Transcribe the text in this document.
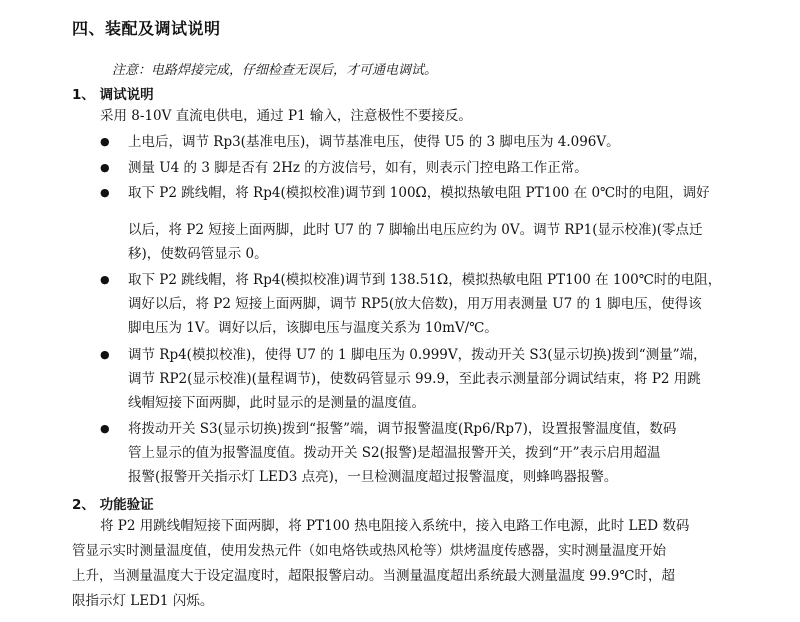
四、装配及调试说明
注意：电路焊接完成，仔细检查无误后，才可通电调试。
1、 调试说明
采用 8-10V 直流电供电，通过 P1 输入，注意极性不要接反。
● 上电后，调节 Rp3(基准电压)，调节基准电压，使得 U5 的 3 脚电压为 4.096V。
● 测量 U4 的 3 脚是否有 2Hz 的方波信号，如有，则表示门控电路工作正常。
● 取下 P2 跳线帽，将 Rp4(模拟校准)调节到 100Ω，模拟热敏电阻 PT100 在 0℃时的电阻，调好
以后，将 P2 短接上面两脚，此时 U7 的 7 脚输出电压应约为 0V。调节 RP1(显示校准)(零点迁
移)，使数码管显示 0。
● 取下 P2 跳线帽，将 Rp4(模拟校准)调节到 138.51Ω，模拟热敏电阻 PT100 在 100℃时的电阻，
调好以后，将 P2 短接上面两脚，调节 RP5(放大倍数)，用万用表测量 U7 的 1 脚电压，使得该
脚电压为 1V。调好以后，该脚电压与温度关系为 10mV/℃。
● 调节 Rp4(模拟校准)，使得 U7 的 1 脚电压为 0.999V，拨动开关 S3(显示切换)拨到“测量”端，
调节 RP2(显示校准)(量程调节)，使数码管显示 99.9，至此表示测量部分调试结束，将 P2 用跳
线帽短接下面两脚，此时显示的是测量的温度值。
● 将拨动开关 S3(显示切换)拨到“报警”端，调节报警温度(Rp6/Rp7)，设置报警温度值，数码
管上显示的值为报警温度值。拨动开关 S2(报警)是超温报警开关，拨到“开”表示启用超温
报警(报警开关指示灯 LED3 点亮)，一旦检测温度超过报警温度，则蜂鸣器报警。
2、 功能验证
将 P2 用跳线帽短接下面两脚，将 PT100 热电阻接入系统中，接入电路工作电源，此时 LED 数码
管显示实时测量温度值，使用发热元件（如电烙铁或热风枪等）烘烤温度传感器，实时测量温度开始
上升，当测量温度大于设定温度时，超限报警启动。当测量温度超出系统最大测量温度 99.9℃时，超
限指示灯 LED1 闪烁。
